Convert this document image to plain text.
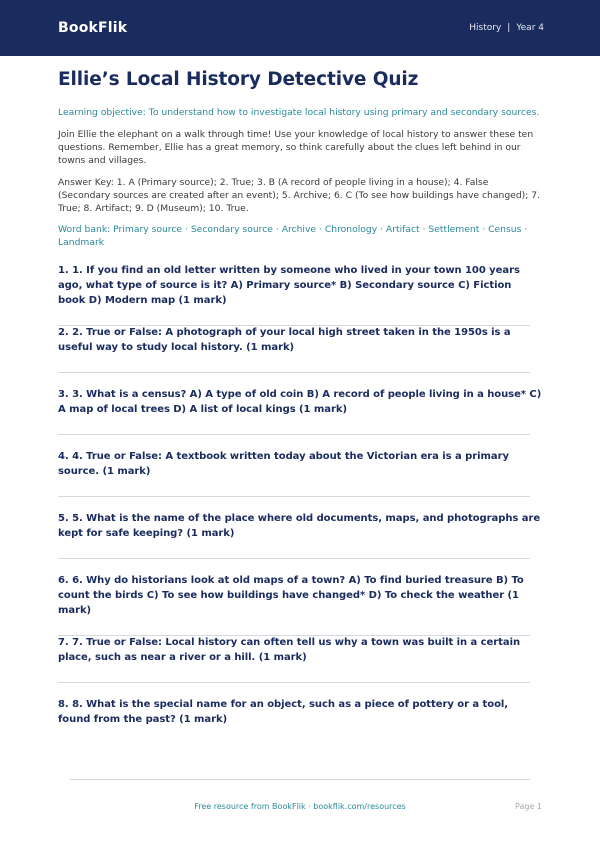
BookFlik	History | Year 4
Ellie’s Local History Detective Quiz
Learning objective: To understand how to investigate local history using primary and secondary sources.
Join Ellie the elephant on a walk through time! Use your knowledge of local history to answer these ten questions. Remember, Ellie has a great memory, so think carefully about the clues left behind in our towns and villages.
Answer Key: 1. A (Primary source); 2. True; 3. B (A record of people living in a house); 4. False (Secondary sources are created after an event); 5. Archive; 6. C (To see how buildings have changed); 7. True; 8. Artifact; 9. D (Museum); 10. True.
Word bank: Primary source · Secondary source · Archive · Chronology · Artifact · Settlement · Census · Landmark
1. 1. If you find an old letter written by someone who lived in your town 100 years ago, what type of source is it? A) Primary source* B) Secondary source C) Fiction book D) Modern map (1 mark)
2. 2. True or False: A photograph of your local high street taken in the 1950s is a useful way to study local history. (1 mark)
3. 3. What is a census? A) A type of old coin B) A record of people living in a house* C) A map of local trees D) A list of local kings (1 mark)
4. 4. True or False: A textbook written today about the Victorian era is a primary source. (1 mark)
5. 5. What is the name of the place where old documents, maps, and photographs are kept for safe keeping? (1 mark)
6. 6. Why do historians look at old maps of a town? A) To find buried treasure B) To count the birds C) To see how buildings have changed* D) To check the weather (1 mark)
7. 7. True or False: Local history can often tell us why a town was built in a certain place, such as near a river or a hill. (1 mark)
8. 8. What is the special name for an object, such as a piece of pottery or a tool, found from the past? (1 mark)
Free resource from BookFlik · bookflik.com/resources	Page 1
